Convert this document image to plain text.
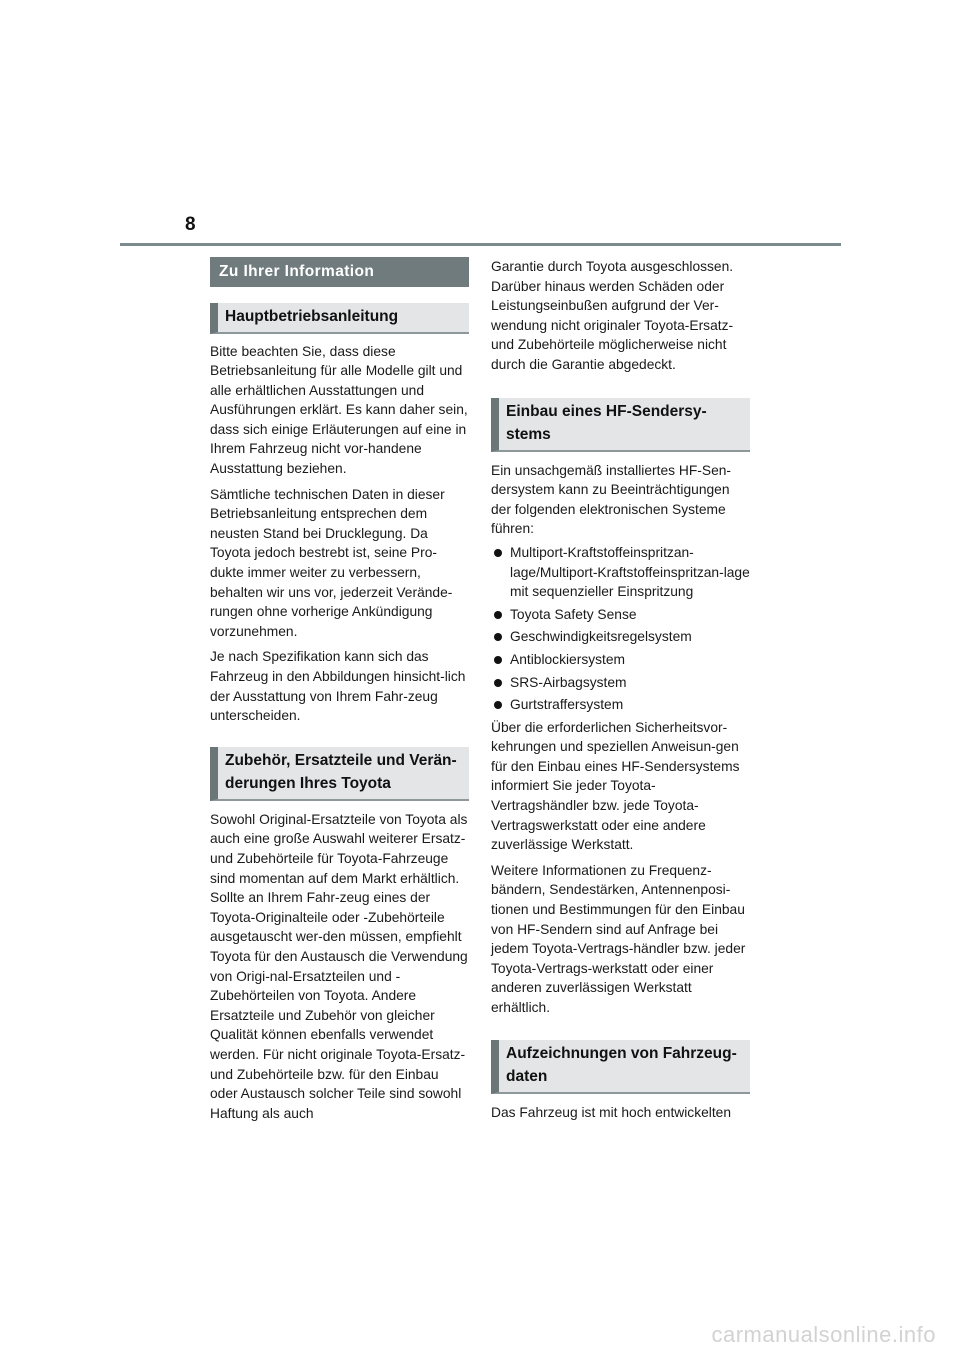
8
Zu Ihrer Information
Hauptbetriebsanleitung

Bitte beachten Sie, dass diese Betriebsanleitung für alle Modelle gilt und alle erhältlichen Ausstattungen und Ausführungen erklärt. Es kann daher sein, dass sich einige Erläuterungen auf eine in Ihrem Fahrzeug nicht vor-handene Ausstattung beziehen.

Sämtliche technischen Daten in dieser Betriebsanleitung entsprechen dem neusten Stand bei Drucklegung. Da Toyota jedoch bestrebt ist, seine Pro-dukte immer weiter zu verbessern, behalten wir uns vor, jederzeit Verände-rungen ohne vorherige Ankündigung vorzunehmen.

Je nach Spezifikation kann sich das Fahrzeug in den Abbildungen hinsicht-lich der Ausstattung von Ihrem Fahr-zeug unterscheiden.

Zubehör, Ersatzteile und Verän-derungen Ihres Toyota

Sowohl Original-Ersatzteile von Toyota als auch eine große Auswahl weiterer Ersatz- und Zubehörteile für Toyota-Fahrzeuge sind momentan auf dem Markt erhältlich. Sollte an Ihrem Fahr-zeug eines der Toyota-Originalteile oder -Zubehörteile ausgetauscht wer-den müssen, empfiehlt Toyota für den Austausch die Verwendung von Origi-nal-Ersatzteilen und -Zubehörteilen von Toyota. Andere Ersatzteile und Zubehör von gleicher Qualität können ebenfalls verwendet werden. Für nicht originale Toyota-Ersatz- und Zubehörteile bzw. für den Einbau oder Austausch solcher Teile sind sowohl Haftung als auch

Garantie durch Toyota ausgeschlossen. Darüber hinaus werden Schäden oder Leistungseinbußen aufgrund der Ver-wendung nicht originaler Toyota-Ersatz- und Zubehörteile möglicherweise nicht durch die Garantie abgedeckt.

Einbau eines HF-Sendersy-stems

Ein unsachgemäß installiertes HF-Sen-dersystem kann zu Beeinträchtigungen der folgenden elektronischen Systeme führen:

Multiport-Kraftstoffeinspritzan-lage/Multiport-Kraftstoffeinspritzan-lage mit sequenzieller Einspritzung
Toyota Safety Sense
Geschwindigkeitsregelsystem
Antiblockiersystem
SRS-Airbagsystem
Gurtstraffersystem

Über die erforderlichen Sicherheitsvor-kehrungen und speziellen Anweisun-gen für den Einbau eines HF-Sendersystems informiert Sie jeder Toyota-Vertragshändler bzw. jede Toyota-Vertragswerkstatt oder eine andere zuverlässige Werkstatt.

Weitere Informationen zu Frequenz-bändern, Sendestärken, Antennenposi-tionen und Bestimmungen für den Einbau von HF-Sendern sind auf Anfrage bei jedem Toyota-Vertrags-händler bzw. jeder Toyota-Vertrags-werkstatt oder einer anderen zuverlässigen Werkstatt erhältlich.

Aufzeichnungen von Fahrzeug-daten

Das Fahrzeug ist mit hoch entwickelten

carmanualsonline.info
